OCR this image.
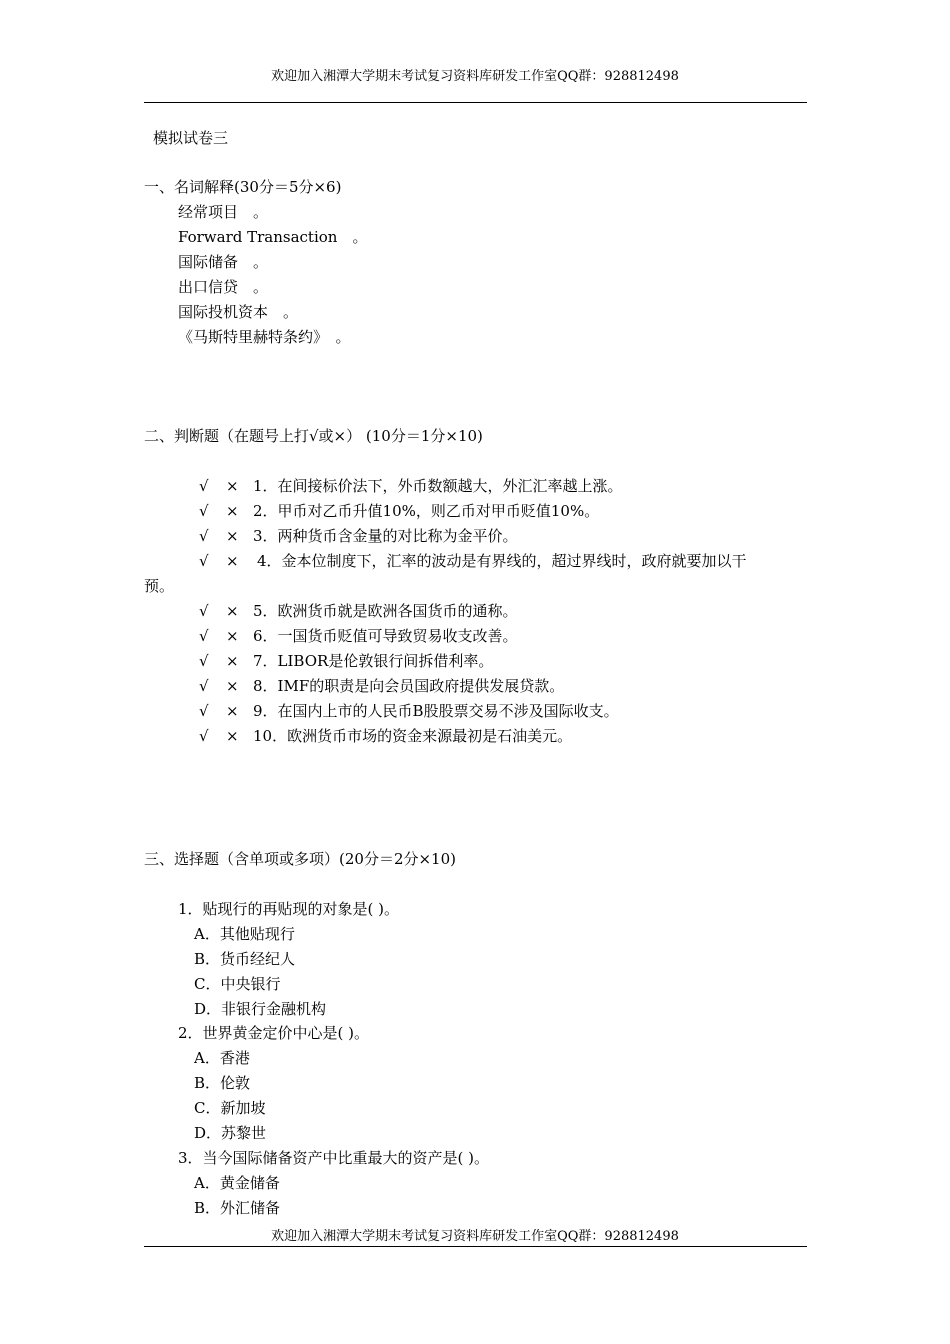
欢迎加入湘潭大学期末考试复习资料库研发工作室QQ群：928812498
模拟试卷三
一、名词解释(30分＝5分×6)
经常项目　。
Forward Transaction　。
国际储备　。
出口信贷　。
国际投机资本　。
《马斯特里赫特条约》　。
二、判断题（在题号上打√或×） (10分＝1分×10)
√ × 1．在间接标价法下，外币数额越大，外汇汇率越上涨。
√ × 2．甲币对乙币升值10%，则乙币对甲币贬值10%。
√ × 3．两种货币含金量的对比称为金平价。
√ × 4．金本位制度下，汇率的波动是有界线的，超过界线时，政府就要加以干
预。
√ × 5．欧洲货币就是欧洲各国货币的通称。
√ × 6．一国货币贬值可导致贸易收支改善。
√ × 7．LIBOR是伦敦银行间拆借利率。
√ × 8．IMF的职责是向会员国政府提供发展贷款。
√ × 9．在国内上市的人民币B股股票交易不涉及国际收支。
√ × 10．欧洲货币市场的资金来源最初是石油美元。
三、选择题（含单项或多项）(20分＝2分×10)
1．贴现行的再贴现的对象是( )。
A．其他贴现行
B．货币经纪人
C．中央银行
D．非银行金融机构
2．世界黄金定价中心是( )。
A．香港
B．伦敦
C．新加坡
D．苏黎世
3．当今国际储备资产中比重最大的资产是( )。
A．黄金储备
B．外汇储备
欢迎加入湘潭大学期末考试复习资料库研发工作室QQ群：928812498
